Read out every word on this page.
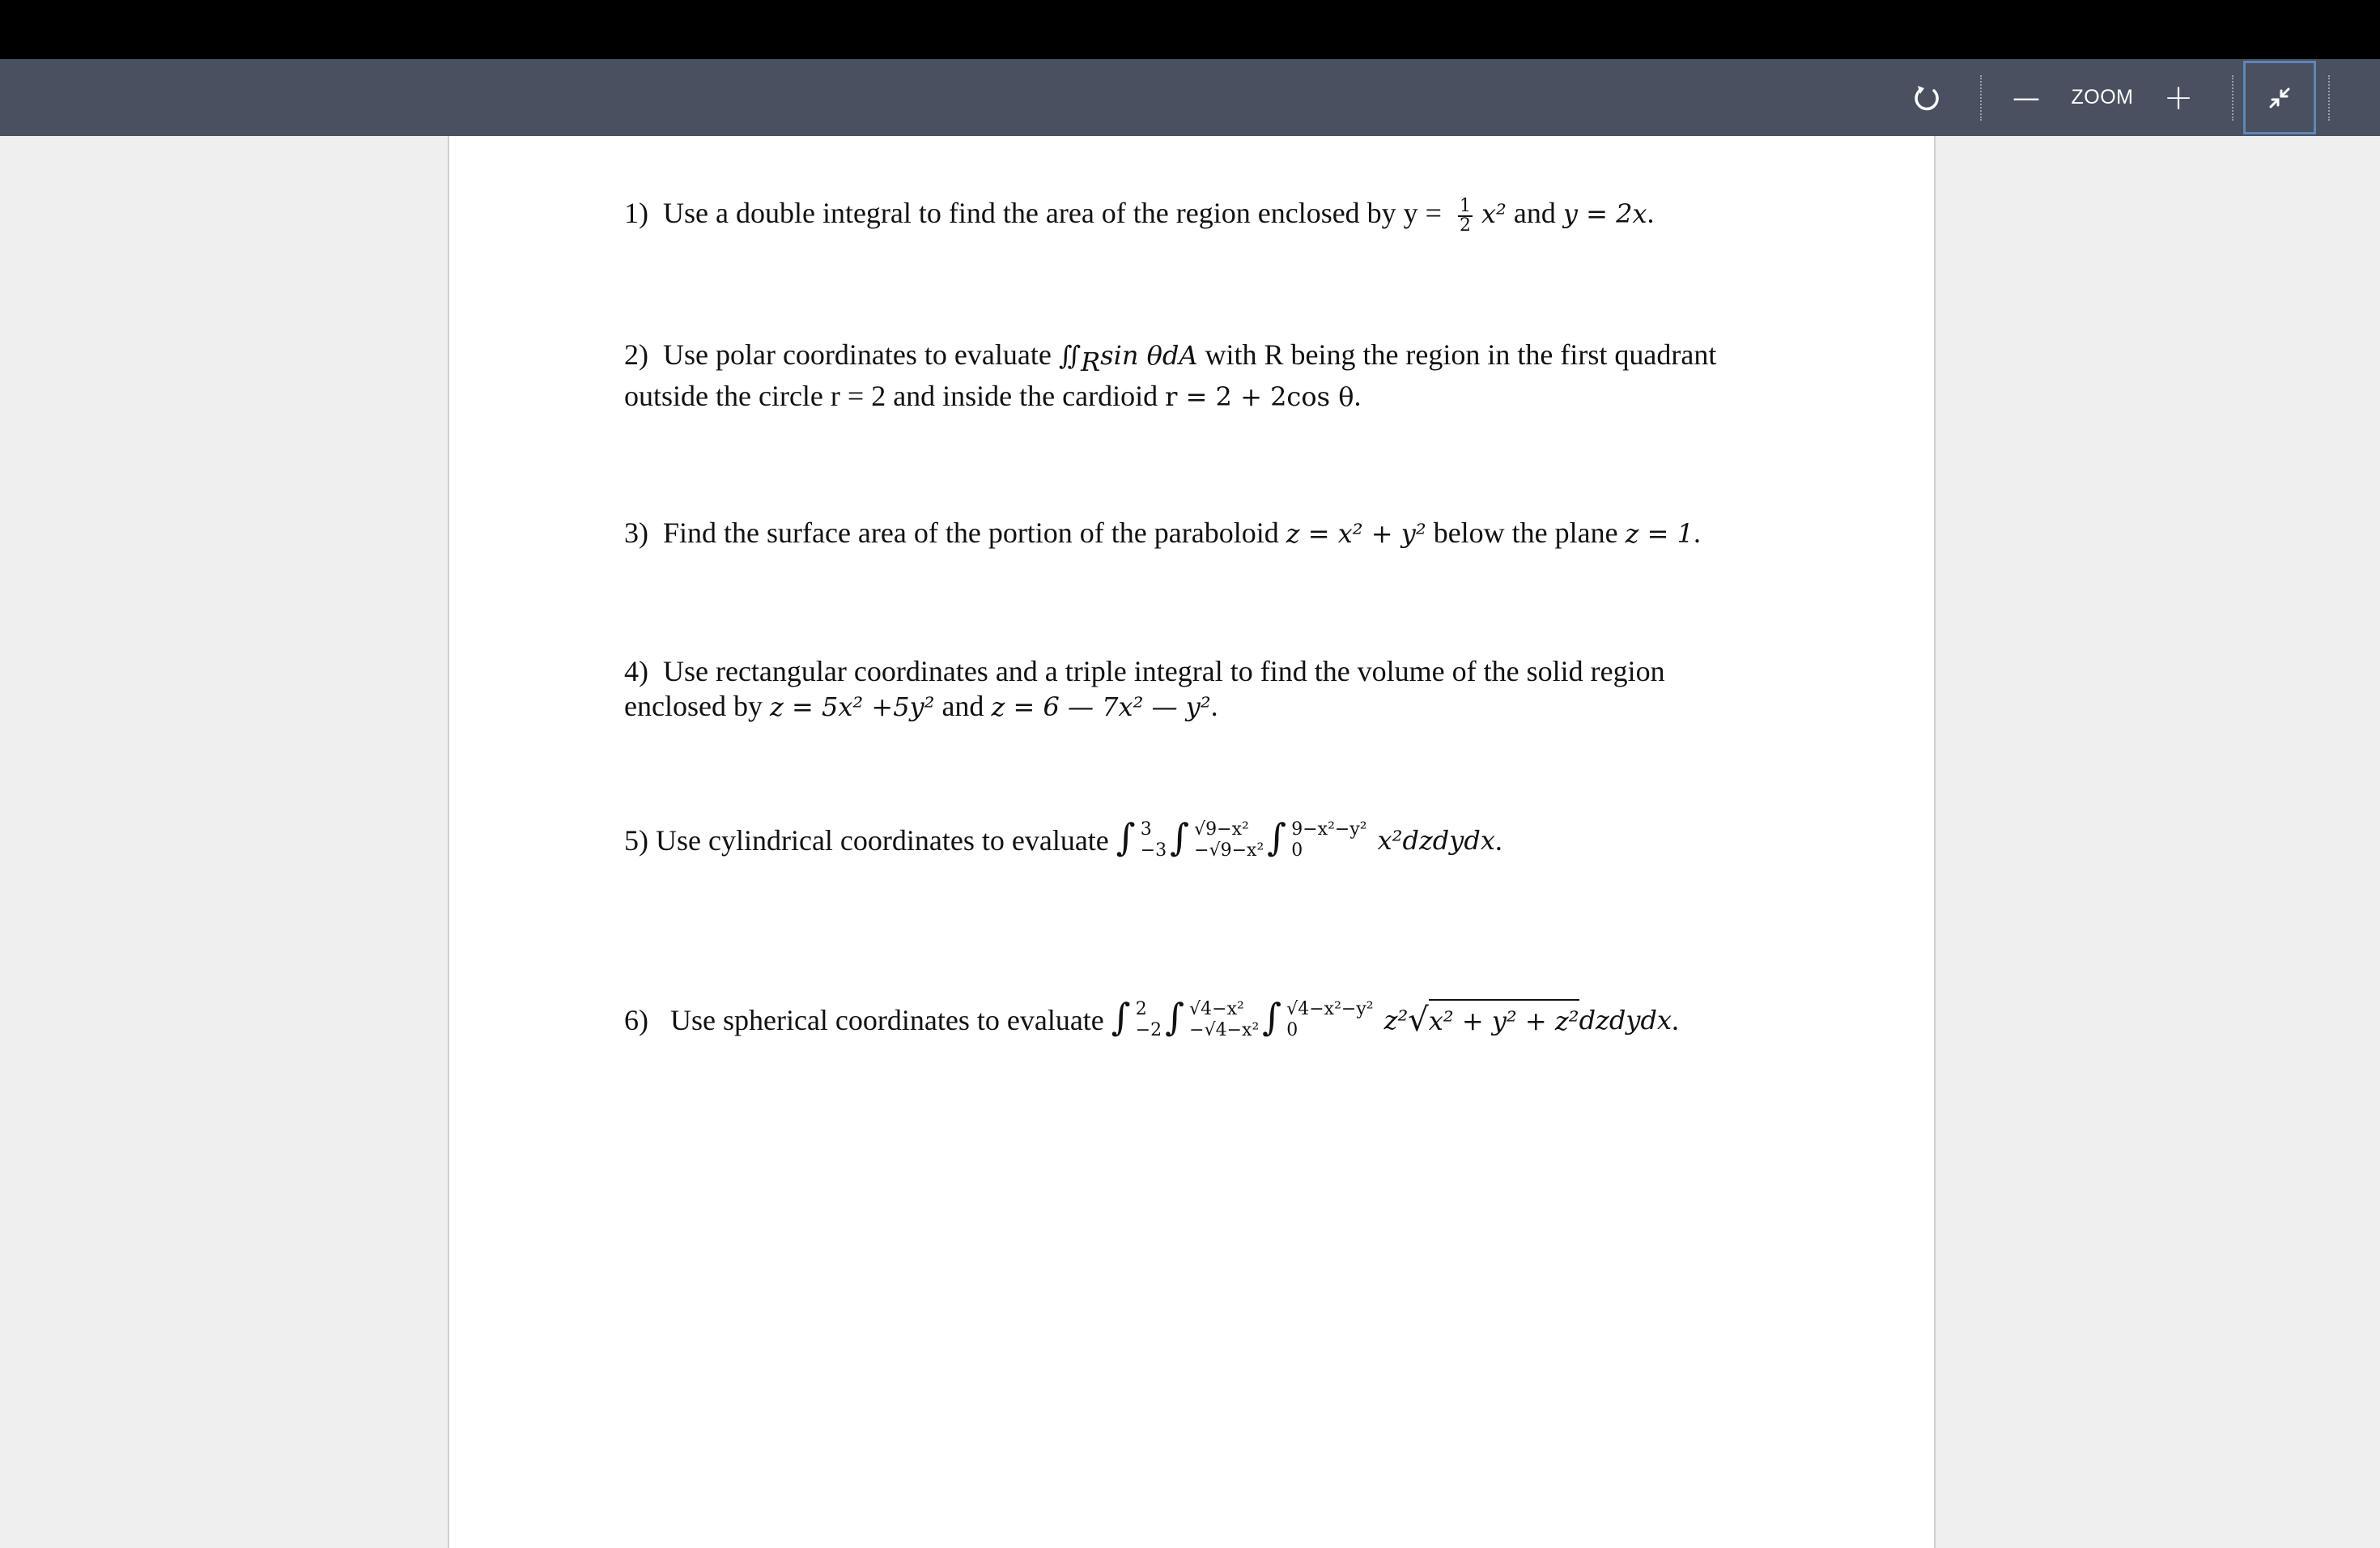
— ZOOM +
1) Use a double integral to find the area of the region enclosed by $y = \frac{1}{2} x^2$ and y = 2x.
2) Use polar coordinates to evaluate $∬_R\sin$ θdA with R being the region in the first quadrant
outside the circle r = 2 and inside the cardioid r = 2 + 2cos θ.
3) Find the surface area of the portion of the paraboloid z = x² + y² below the plane z = 1.
4) Use rectangular coordinates and a triple integral to find the volume of the solid region
enclosed by z = 5x² +5y² and z = 6 — 7x² — y².
5)
Use cylindrical coordinates to evaluate
∫ 3
−3 ∫ √9−x²
−√9−x² ∫ 9−x²−y²
0
	x²dzdydx .
6)
Use spherical coordinates to evaluate
∫ 2
−2 ∫ √4−x²
−√4−x² ∫ √4−x²−y²
0
	z² √ x² + y² + z² dzdydx .
